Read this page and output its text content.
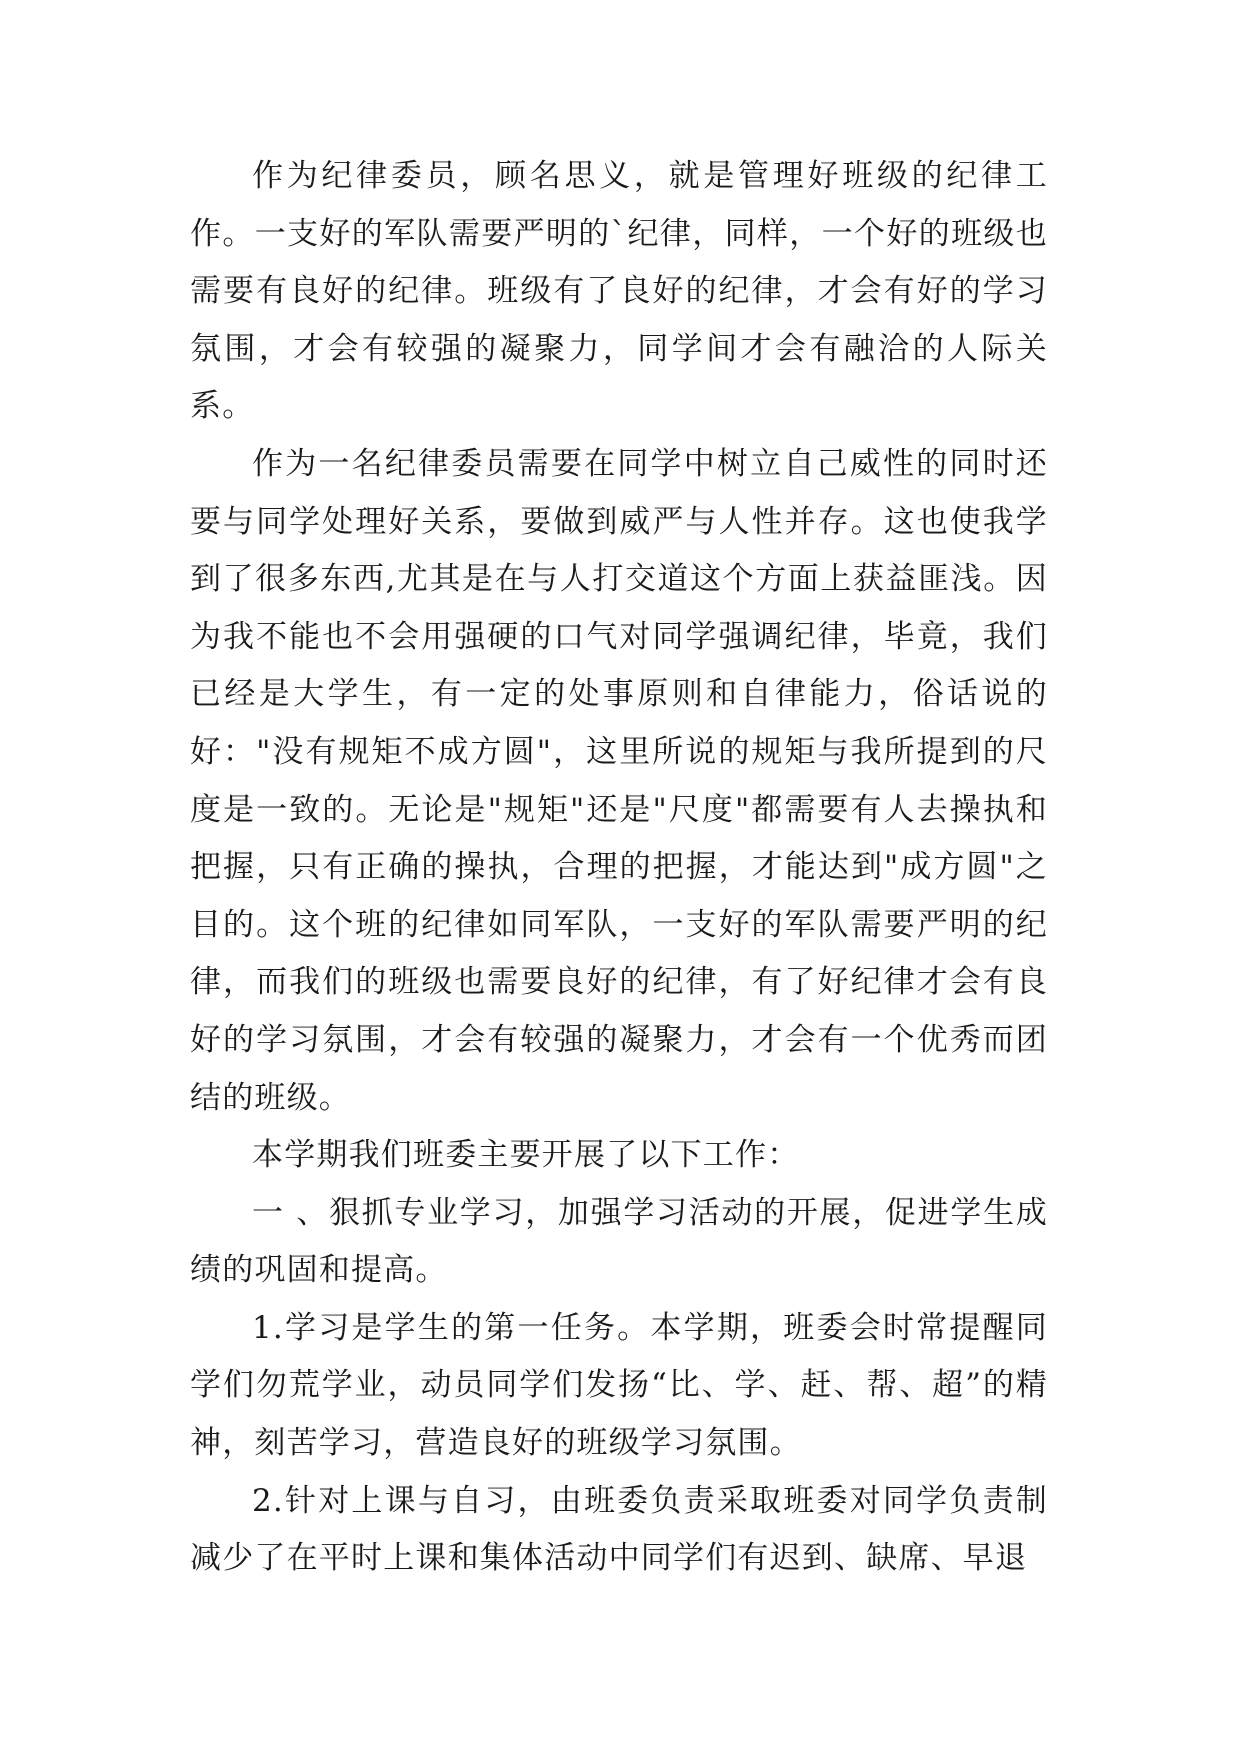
作为纪律委员，顾名思义，就是管理好班级的纪律工作。一支好的军队需要严明的`纪律，同样，一个好的班级也需要有良好的纪律。班级有了良好的纪律，才会有好的学习氛围，才会有较强的凝聚力，同学间才会有融洽的人际关系。

作为一名纪律委员需要在同学中树立自己威性的同时还要与同学处理好关系，要做到威严与人性并存。这也使我学到了很多东西,尤其是在与人打交道这个方面上获益匪浅。因为我不能也不会用强硬的口气对同学强调纪律，毕竟，我们已经是大学生，有一定的处事原则和自律能力，俗话说的好："没有规矩不成方圆"，这里所说的规矩与我所提到的尺度是一致的。无论是"规矩"还是"尺度"都需要有人去操执和把握，只有正确的操执，合理的把握，才能达到"成方圆"之目的。这个班的纪律如同军队，一支好的军队需要严明的纪律，而我们的班级也需要良好的纪律，有了好纪律才会有良好的学习氛围，才会有较强的凝聚力，才会有一个优秀而团结的班级。

本学期我们班委主要开展了以下工作：

一 、狠抓专业学习，加强学习活动的开展，促进学生成绩的巩固和提高。

1.学习是学生的第一任务。本学期，班委会时常提醒同学们勿荒学业，动员同学们发扬“比、学、赶、帮、超”的精神，刻苦学习，营造良好的班级学习氛围。

2.针对上课与自习，由班委负责采取班委对同学负责制减少了在平时上课和集体活动中同学们有迟到、缺席、早退
